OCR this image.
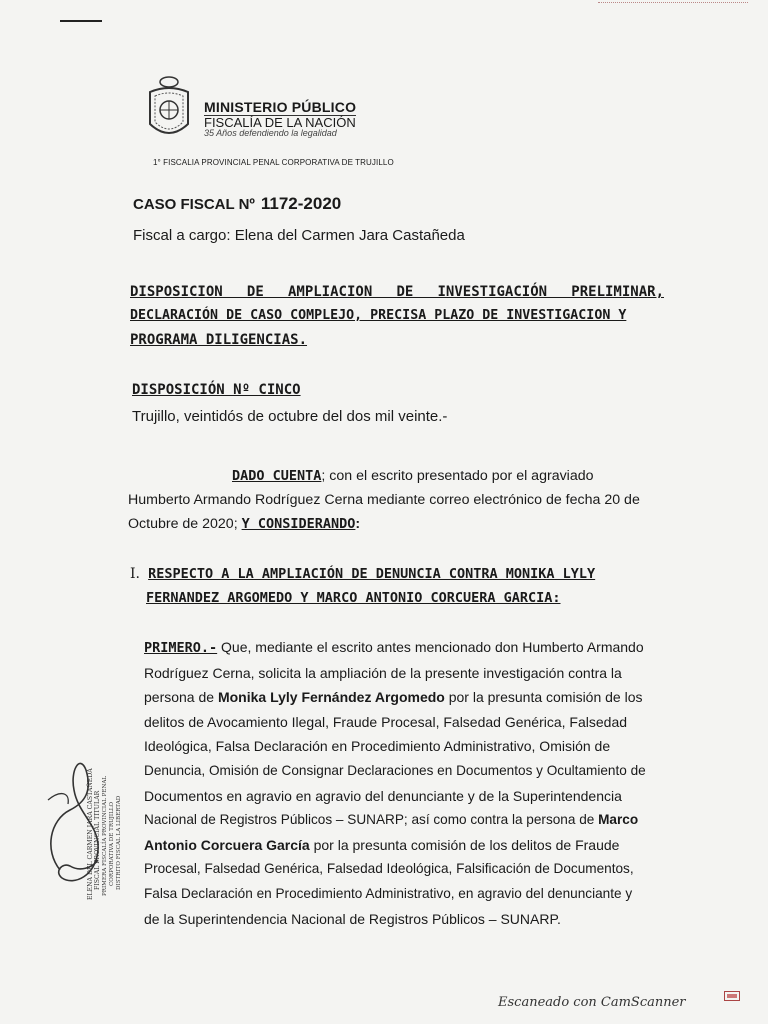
MINISTERIO PÚBLICO
FISCALÍA DE LA NACIÓN
35 Años defendiendo la legalidad
1° FISCALIA PROVINCIAL PENAL CORPORATIVA DE TRUJILLO
CASO FISCAL Nº 1172-2020
Fiscal a cargo: Elena del Carmen Jara Castañeda
DISPOSICION DE AMPLIACION DE INVESTIGACIÓN PRELIMINAR,
DECLARACIÓN DE CASO COMPLEJO, PRECISA PLAZO DE INVESTIGACION Y
PROGRAMA DILIGENCIAS.
DISPOSICIÓN Nº CINCO
Trujillo, veintidós de octubre del dos mil veinte.-
DADO CUENTA; con el escrito presentado por el agraviado
Humberto Armando Rodríguez Cerna mediante correo electrónico de fecha 20 de
Octubre de 2020; Y CONSIDERANDO:
I. RESPECTO A LA AMPLIACIÓN DE DENUNCIA CONTRA MONIKA LYLY
FERNANDEZ ARGOMEDO Y MARCO ANTONIO CORCUERA GARCIA:
PRIMERO.- Que, mediante el escrito antes mencionado don Humberto Armando
Rodríguez Cerna, solicita la ampliación de la presente investigación contra la
persona de Monika Lyly Fernández Argomedo por la presunta comisión de los
delitos de Avocamiento Ilegal, Fraude Procesal, Falsedad Genérica, Falsedad
Ideológica, Falsa Declaración en Procedimiento Administrativo, Omisión de
Denuncia, Omisión de Consignar Declaraciones en Documentos y Ocultamiento de
Documentos en agravio en agravio del denunciante y de la Superintendencia
Nacional de Registros Públicos – SUNARP; así como contra la persona de Marco
Antonio Corcuera García por la presunta comisión de los delitos de Fraude
Procesal, Falsedad Genérica, Falsedad Ideológica, Falsificación de Documentos,
Falsa Declaración en Procedimiento Administrativo, en agravio del denunciante y
de la Superintendencia Nacional de Registros Públicos – SUNARP.
ELENA DEL CARMEN JARA CASTAÑEDA FISCAL PROVINCIAL TITULAR PRIMERA FISCALÍA PROVINCIAL PENAL CORPORATIVA DE TRUJILLO DISTRITO FISCAL LA LIBERTAD
Escaneado con CamScanner
